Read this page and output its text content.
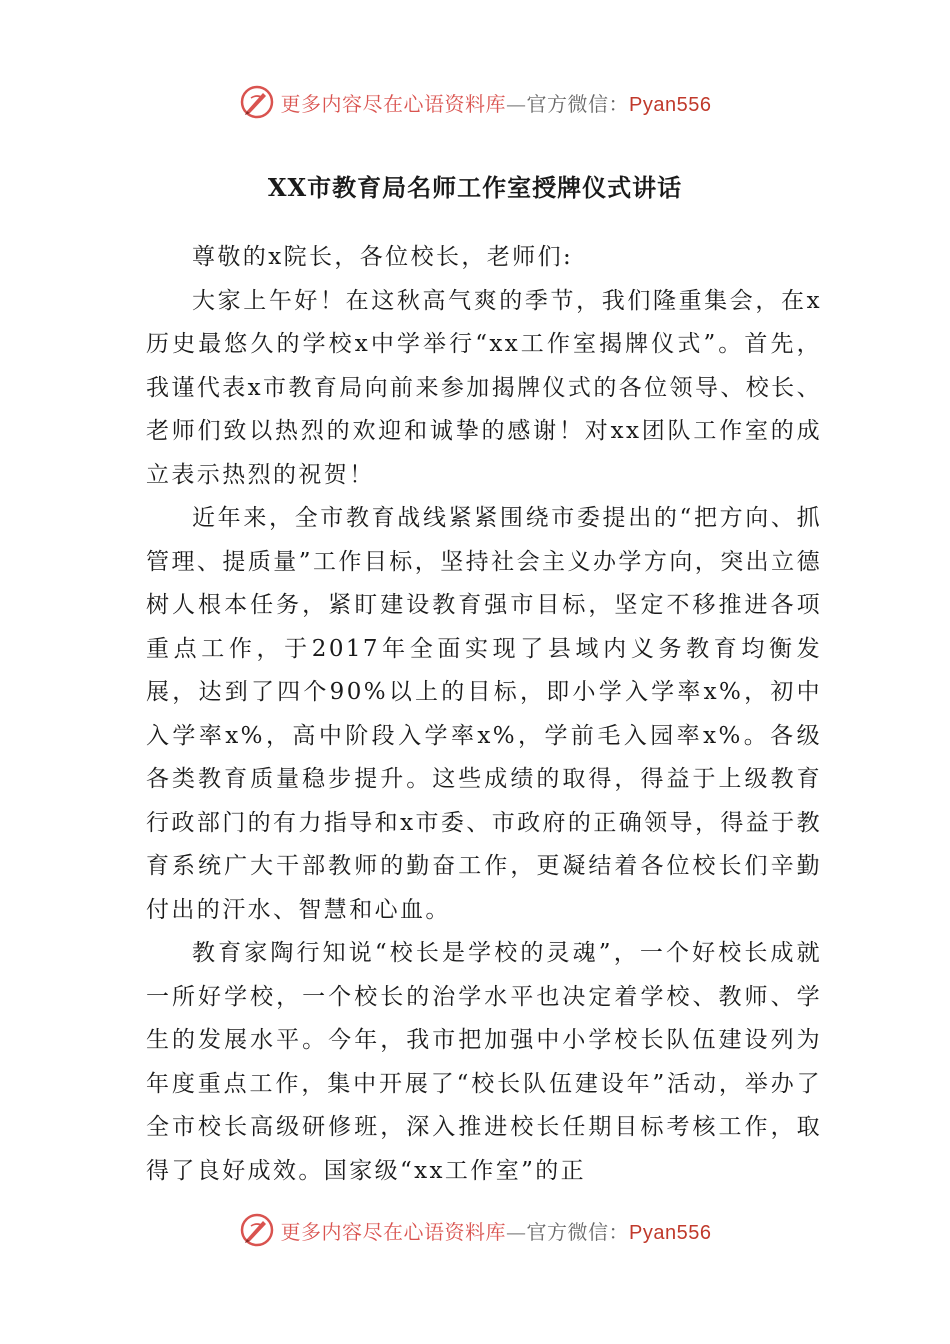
更多内容尽在心语资料库—官方微信：Pyan556
XX市教育局名师工作室授牌仪式讲话

尊敬的x院长，各位校长，老师们:

大家上午好！在这秋高气爽的季节，我们隆重集会，在x历史最悠久的学校x中学举行“xx工作室揭牌仪式”。首先，我谨代表x市教育局向前来参加揭牌仪式的各位领导、校长、老师们致以热烈的欢迎和诚挚的感谢！对xx团队工作室的成立表示热烈的祝贺！

近年来，全市教育战线紧紧围绕市委提出的“把方向、抓管理、提质量”工作目标，坚持社会主义办学方向，突出立德树人根本任务，紧盯建设教育强市目标，坚定不移推进各项重点工作，于2017年全面实现了县域内义务教育均衡发展，达到了四个90%以上的目标，即小学入学率x%，初中入学率x%，高中阶段入学率x%，学前毛入园率x%。各级各类教育质量稳步提升。这些成绩的取得，得益于上级教育行政部门的有力指导和x市委、市政府的正确领导，得益于教育系统广大干部教师的勤奋工作，更凝结着各位校长们辛勤付出的汗水、智慧和心血。

教育家陶行知说“校长是学校的灵魂”，一个好校长成就一所好学校，一个校长的治学水平也决定着学校、教师、学生的发展水平。今年，我市把加强中小学校长队伍建设列为年度重点工作，集中开展了“校长队伍建设年”活动，举办了全市校长高级研修班，深入推进校长任期目标考核工作，取得了良好成效。国家级“xx工作室”的正

更多内容尽在心语资料库—官方微信：Pyan556
